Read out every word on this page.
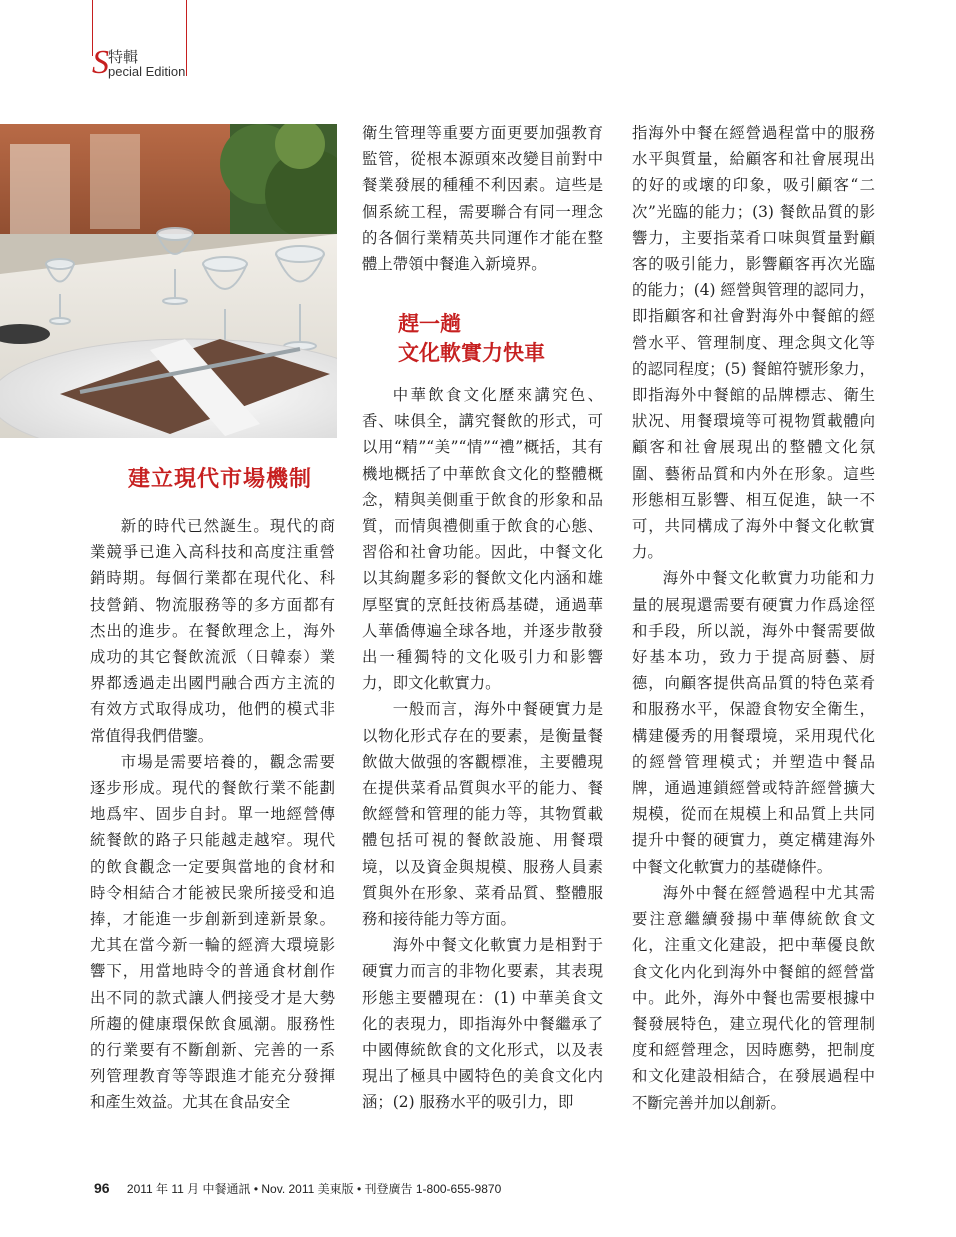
S 特輯
pecial Edition
建立現代市場機制

新的時代已然誕生。現代的商業競爭已進入高科技和高度注重營銷時期。每個行業都在現代化、科技營銷、物流服務等的多方面都有杰出的進步。在餐飲理念上，海外成功的其它餐飲流派（日韓泰）業界都透過走出國門融合西方主流的有效方式取得成功，他們的模式非常值得我們借鑒。

市場是需要培養的，觀念需要逐步形成。現代的餐飲行業不能劃地爲牢、固步自封。單一地經營傳統餐飲的路子只能越走越窄。現代的飲食觀念一定要與當地的食材和時令相結合才能被民衆所接受和追捧，才能進一步創新到達新景象。尤其在當今新一輪的經濟大環境影響下，用當地時令的普通食材創作出不同的款式讓人們接受才是大勢所趨的健康環保飲食風潮。服務性的行業要有不斷創新、完善的一系列管理教育等等跟進才能充分發揮和產生效益。尤其在食品安全

衛生管理等重要方面更要加强教育監管，從根本源頭來改變目前對中餐業發展的種種不利因素。這些是個系統工程，需要聯合有同一理念的各個行業精英共同運作才能在整體上帶領中餐進入新境界。

趕一趟
文化軟實力快車

中華飲食文化歷來講究色、香、味俱全，講究餐飲的形式，可以用“精”“美”“情”“禮”概括，其有機地概括了中華飲食文化的整體概念，精與美側重于飲食的形象和品質，而情與禮側重于飲食的心態、習俗和社會功能。因此，中餐文化以其絢麗多彩的餐飲文化内涵和雄厚堅實的烹飪技術爲基礎，通過華人華僑傳遍全球各地，并逐步散發出一種獨特的文化吸引力和影響力，即文化軟實力。

一般而言，海外中餐硬實力是以物化形式存在的要素，是衡量餐飲做大做强的客觀標准，主要體現在提供菜肴品質與水平的能力、餐飲經營和管理的能力等，其物質載體包括可視的餐飲設施、用餐環境，以及資金與規模、服務人員素質與外在形象、菜肴品質、整體服務和接待能力等方面。

海外中餐文化軟實力是相對于硬實力而言的非物化要素，其表現形態主要體現在：(1) 中華美食文化的表現力，即指海外中餐繼承了中國傳統飲食的文化形式，以及表現出了極具中國特色的美食文化内涵；(2) 服務水平的吸引力，即

指海外中餐在經營過程當中的服務水平與質量，給顧客和社會展現出的好的或壞的印象，吸引顧客“二次”光臨的能力；(3) 餐飲品質的影響力，主要指菜肴口味與質量對顧客的吸引能力，影響顧客再次光臨的能力；(4) 經營與管理的認同力，即指顧客和社會對海外中餐館的經營水平、管理制度、理念與文化等的認同程度；(5) 餐館符號形象力，即指海外中餐館的品牌標志、衛生狀况、用餐環境等可視物質載體向顧客和社會展現出的整體文化氛圍、藝術品質和内外在形象。這些形態相互影響、相互促進，缺一不可，共同構成了海外中餐文化軟實力。

海外中餐文化軟實力功能和力量的展現還需要有硬實力作爲途徑和手段，所以説，海外中餐需要做好基本功，致力于提高厨藝、厨德，向顧客提供高品質的特色菜肴和服務水平，保證食物安全衛生，構建優秀的用餐環境，采用現代化的經營管理模式；并塑造中餐品牌，通過連鎖經營或特許經營擴大規模，從而在規模上和品質上共同提升中餐的硬實力，奠定構建海外中餐文化軟實力的基礎條件。

海外中餐在經營過程中尤其需要注意繼續發揚中華傳統飲食文化，注重文化建設，把中華優良飲食文化内化到海外中餐館的經營當中。此外，海外中餐也需要根據中餐發展特色，建立現代化的管理制度和經營理念，因時應勢，把制度和文化建設相結合，在發展過程中不斷完善并加以創新。

96 2011 年 11 月 中餐通訊 • Nov. 2011 美東版 • 刊登廣告 1-800-655-9870
